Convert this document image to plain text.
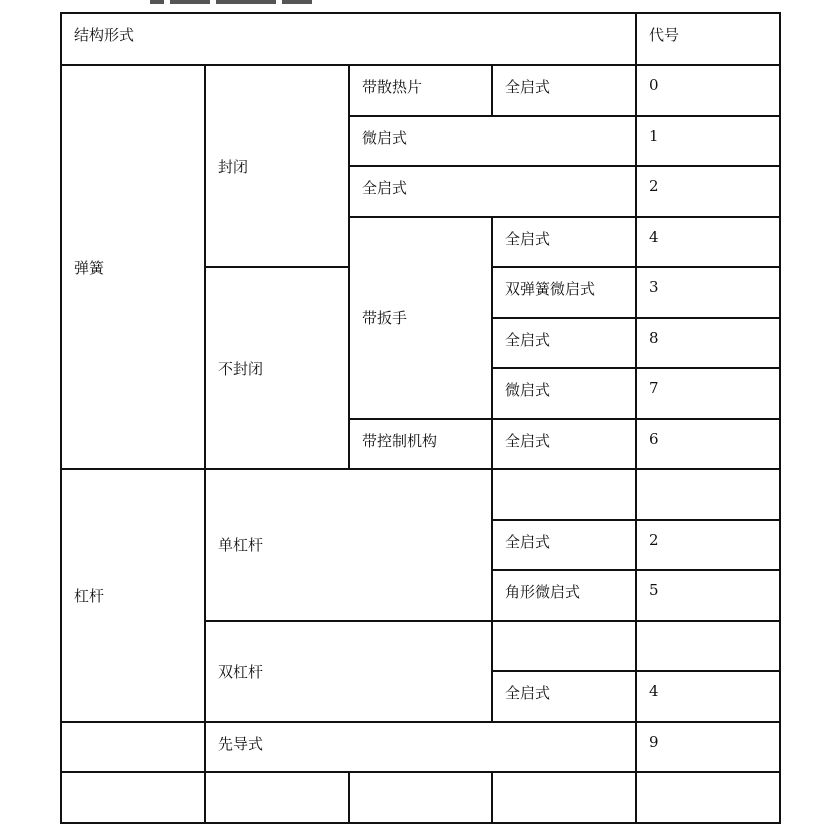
结构形式				代号
弹簧	封闭	带散热片	全启式	0
		微启式		1
		全启式		2
		带扳手	全启式	4
	不封闭		双弹簧微启式	3
			全启式	8
			微启式	7
		带控制机构	全启式	6
杠杆	单杠杆			
			全启式	2
			角形微启式	5
	双杠杆			
			全启式	4
	先导式			9
